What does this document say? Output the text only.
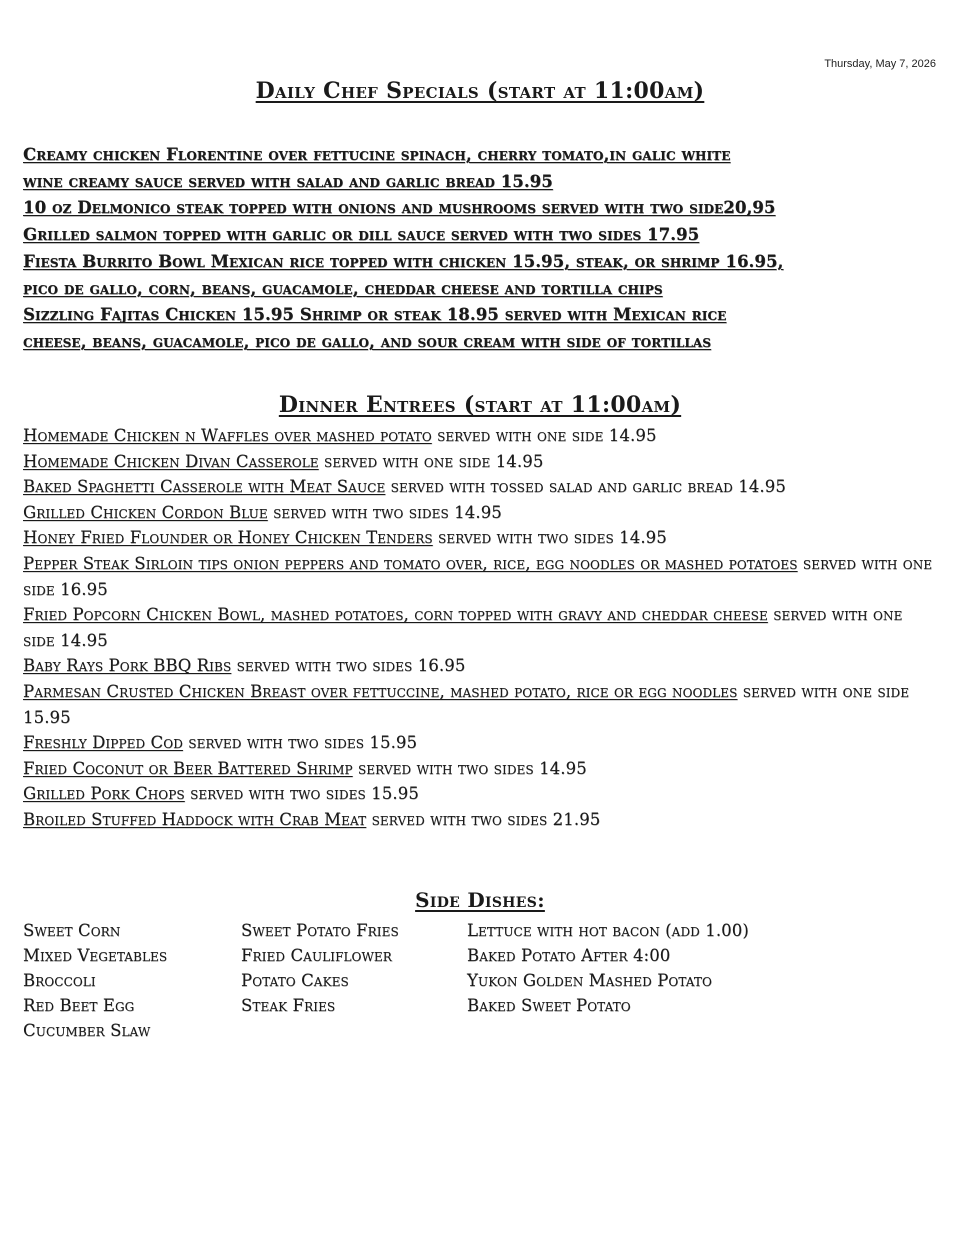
Thursday, May 7, 2026
Daily Chef Specials (start at 11:00am)
Creamy chicken Florentine over fettucine spinach, cherry tomato,in galic white
wine creamy sauce served with salad and garlic bread 15.95
10 oz Delmonico steak topped with onions and mushrooms served with two side20,95
Grilled salmon topped with garlic or dill sauce served with two sides 17.95
Fiesta Burrito Bowl Mexican rice topped with chicken 15.95, steak, or shrimp 16.95,
pico de gallo, corn, beans, guacamole, cheddar cheese and tortilla chips
Sizzling Fajitas Chicken 15.95 Shrimp or steak 18.95 served with Mexican rice
cheese, beans, guacamole, pico de gallo, and sour cream with side of tortillas
Dinner Entrees (start at 11:00am)
Homemade Chicken n Waffles over mashed potato served with one side 14.95
Homemade Chicken Divan Casserole served with one side 14.95
Baked Spaghetti Casserole with Meat Sauce served with tossed salad and garlic bread 14.95
Grilled Chicken Cordon Blue served with two sides 14.95
Honey Fried Flounder or Honey Chicken Tenders served with two sides 14.95
Pepper Steak Sirloin tips onion peppers and tomato over, rice, egg noodles or mashed potatoes served with one side 16.95
Fried Popcorn Chicken Bowl, mashed potatoes, corn topped with gravy and cheddar cheese served with one side 14.95
Baby Rays Pork BBQ Ribs served with two sides 16.95
Parmesan Crusted Chicken Breast over fettuccine, mashed potato, rice or egg noodles served with one side 15.95
Freshly Dipped Cod served with two sides 15.95
Fried Coconut or Beer Battered Shrimp served with two sides 14.95
Grilled Pork Chops served with two sides 15.95
Broiled Stuffed Haddock with Crab Meat served with two sides 21.95
Side Dishes:
Sweet Corn
Mixed Vegetables
Broccoli
Red Beet Egg
Cucumber Slaw
Sweet Potato Fries
Fried Cauliflower
Potato Cakes
Steak Fries
Lettuce with hot bacon (add 1.00)
Baked Potato After 4:00
Yukon Golden Mashed Potato
Baked Sweet Potato
